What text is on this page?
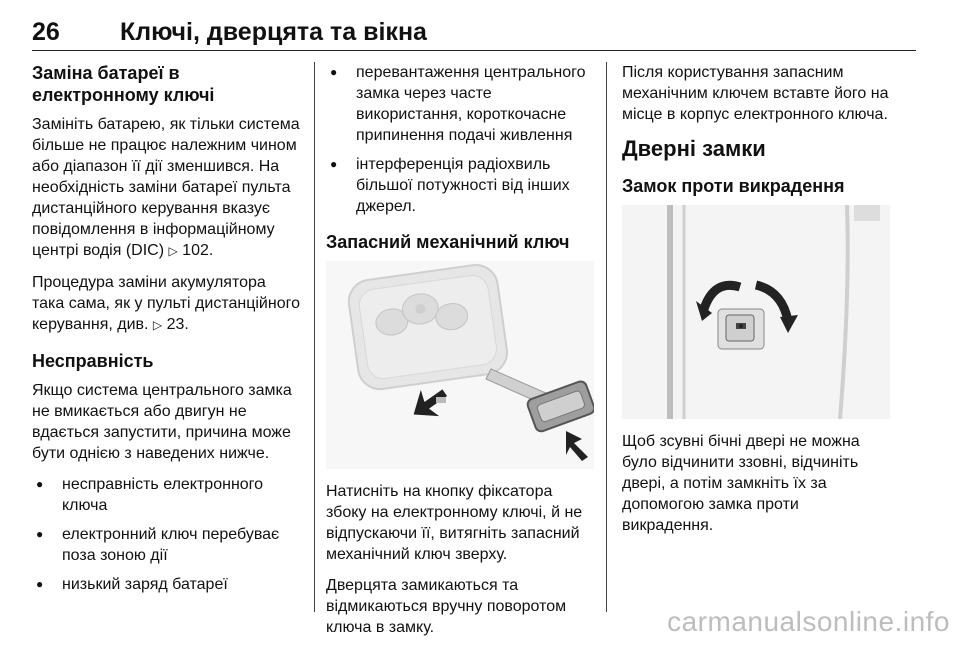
26 Ключі, дверцята та вікна
Заміна батареї в електронному ключі

Замініть батарею, як тільки система більше не працює належним чином або діапазон її дії зменшився. На необхідність заміни батареї пульта дистанційного керування вказує повідомлення в інформаційному центрі водія (DIC) ▷ 102.

Процедура заміни акумулятора така сама, як у пульті дистанційного керування, див. ▷ 23.

Несправність

Якщо система центрального замка не вмикається або двигун не вдається запустити, причина може бути однією з наведених нижче.

● несправність електронного ключа
● електронний ключ перебуває поза зоною дії
● низький заряд батареї
● перевантаження центрального замка через часте використання, короткочасне припинення подачі живлення
● інтерференція радіохвиль більшої потужності від інших джерел.
Запасний механічний ключ

Натисніть на кнопку фіксатора збоку на електронному ключі, й не відпускаючи її, витягніть запасний механічний ключ зверху.

Дверцята замикаються та відмикаються вручну поворотом ключа в замку.

Після користування запасним механічним ключем вставте його на місце в корпус електронного ключа.

Дверні замки
Замок проти викрадення

Щоб зсувні бічні двері не можна було відчинити ззовні, відчиніть двері, а потім замкніть їх за допомогою замка проти викрадення.

carmanualsonline.info
